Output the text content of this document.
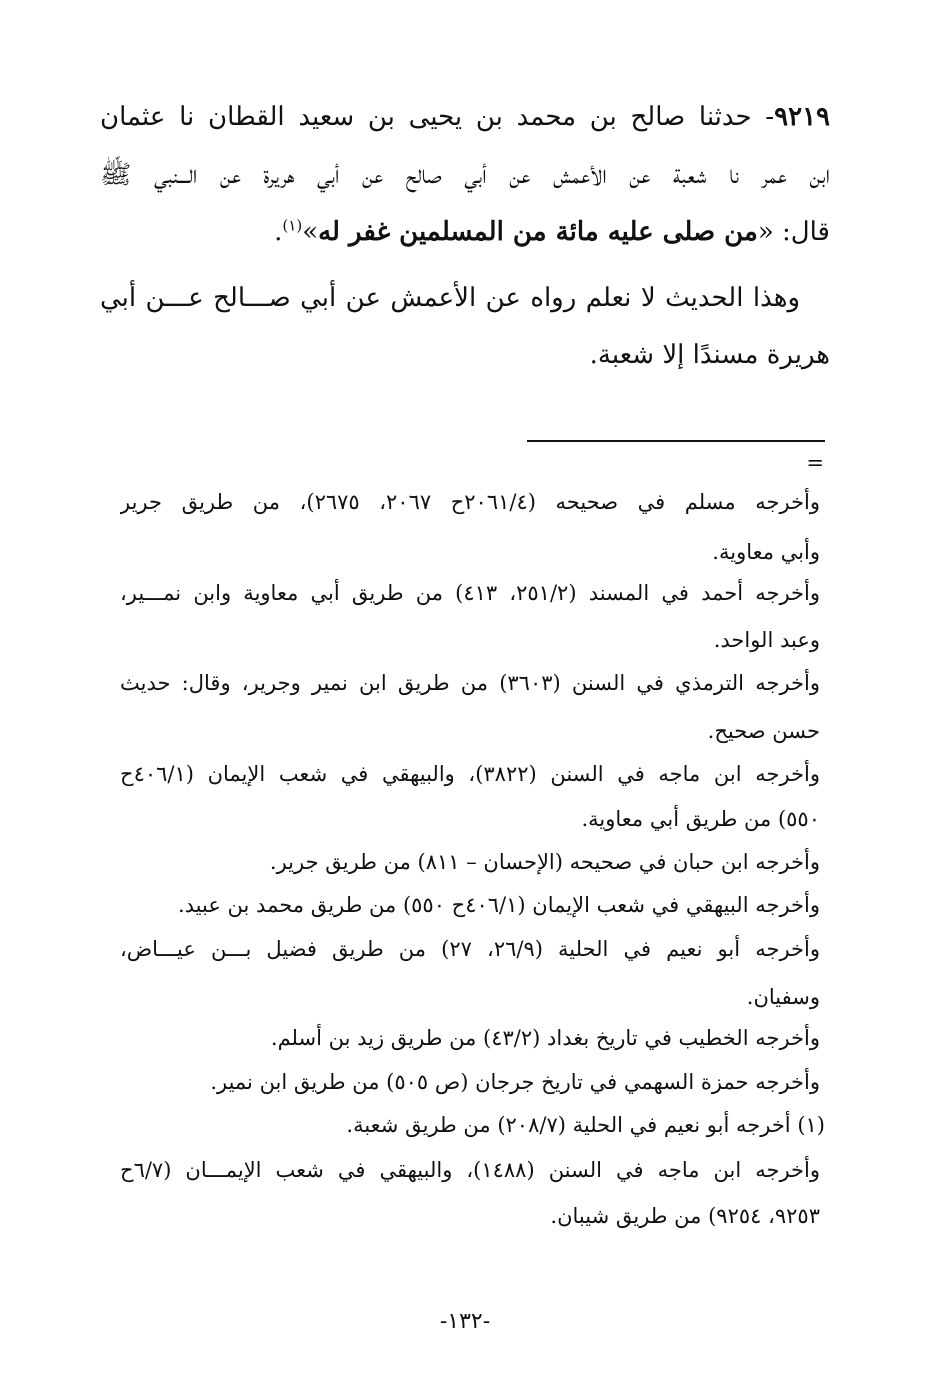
٩٢١٩- حدثنا صالح بن محمد بن يحيى بن سعيد القطان نا عثمان
ابن عمر نا شعبة عن الأعمش عن أبي صالح عن أبي هريرة عن الـــنبي ﷺ
قال: «من صلى عليه مائة من المسلمين غفر له»$^{(١)}$.
وهذا الحديث لا نعلم رواه عن الأعمش عن أبي صـــالح عـــن أبي
هريرة مسندًا إلا شعبة.
=
وأخرجه مسلم في صحيحه (٢٠٦١/٤ح ٢٠٦٧، ٢٦٧٥)، من طريق جرير
وأبي معاوية.
وأخرجه أحمد في المسند (٢٥١/٢، ٤١٣) من طريق أبي معاوية وابن نمـــير،
وعبد الواحد.
وأخرجه الترمذي في السنن (٣٦٠٣) من طريق ابن نمير وجرير، وقال: حديث
حسن صحيح.
وأخرجه ابن ماجه في السنن (٣٨٢٢)، والبيهقي في شعب الإيمان (٤٠٦/١ح
٥٥٠) من طريق أبي معاوية.
وأخرجه ابن حبان في صحيحه (الإحسان – ٨١١) من طريق جرير.
وأخرجه البيهقي في شعب الإيمان (٤٠٦/١ح ٥٥٠) من طريق محمد بن عبيد.
وأخرجه أبو نعيم في الحلية (٢٦/٩، ٢٧) من طريق فضيل بـــن عيـــاض،
وسفيان.
وأخرجه الخطيب في تاريخ بغداد (٤٣/٢) من طريق زيد بن أسلم.
وأخرجه حمزة السهمي في تاريخ جرجان (ص ٥٠٥) من طريق ابن نمير.
(١) أخرجه أبو نعيم في الحلية (٢٠٨/٧) من طريق شعبة.
وأخرجه ابن ماجه في السنن (١٤٨٨)، والبيهقي في شعب الإيمـــان (٦/٧ح
٩٢٥٣، ٩٢٥٤) من طريق شيبان.
-١٣٢-
